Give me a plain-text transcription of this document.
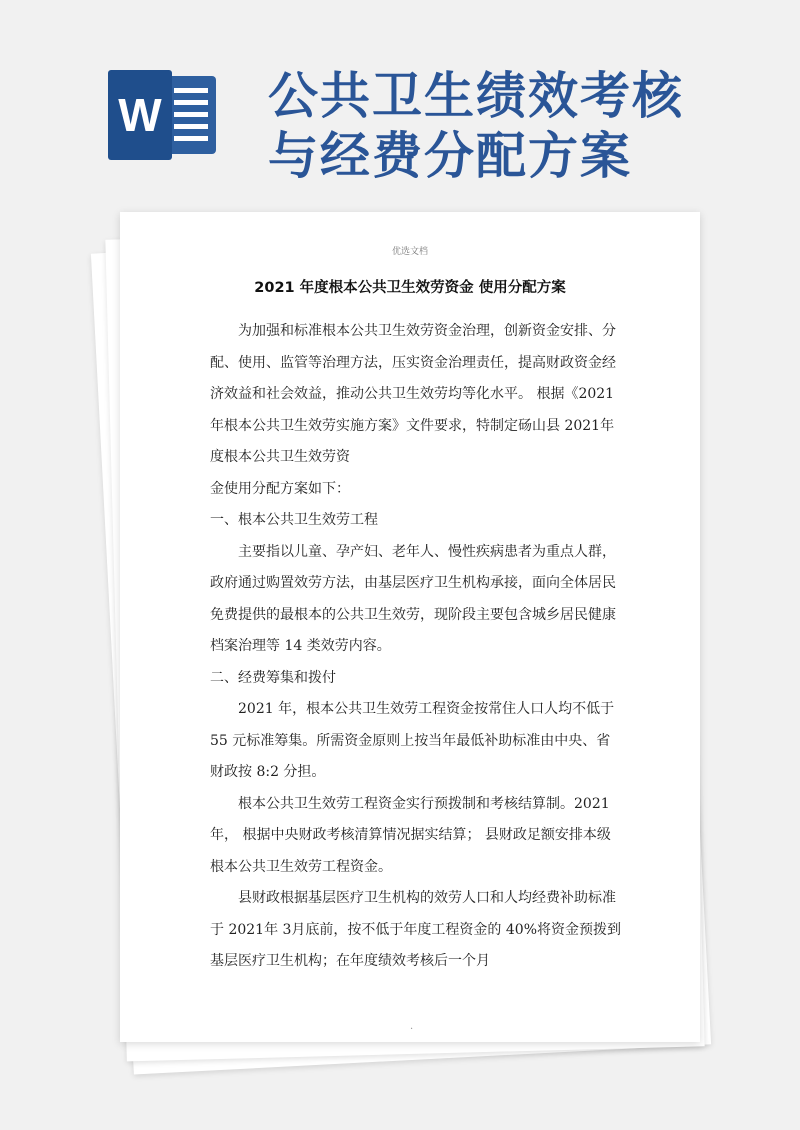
W 公共卫生绩效考核
与经费分配方案
优选文档
2021 年度根本公共卫生效劳资金 使用分配方案

为加强和标准根本公共卫生效劳资金治理，创新资金安排、分配、使用、监管等治理方法，压实资金治理责任，提高财政资金经济效益和社会效益，推动公共卫生效劳均等化水平。 根据《2021年根本公共卫生效劳实施方案》文件要求，特制定砀山县 2021年度根本公共卫生效劳资

金使用分配方案如下：

一、根本公共卫生效劳工程

主要指以儿童、孕产妇、老年人、慢性疾病患者为重点人群，政府通过购置效劳方法，由基层医疗卫生机构承接，面向全体居民免费提供的最根本的公共卫生效劳，现阶段主要包含城乡居民健康档案治理等 14 类效劳内容。

二、经费筹集和拨付

2021 年，根本公共卫生效劳工程资金按常住人口人均不低于 55 元标准筹集。所需资金原则上按当年最低补助标准由中央、省财政按 8:2 分担。

根本公共卫生效劳工程资金实行预拨制和考核结算制。2021年， 根据中央财政考核清算情况据实结算； 县财政足额安排本级根本公共卫生效劳工程资金。

县财政根据基层医疗卫生机构的效劳人口和人均经费补助标准于 2021年 3月底前，按不低于年度工程资金的 40%将资金预拨到基层医疗卫生机构；在年度绩效考核后一个月

·
